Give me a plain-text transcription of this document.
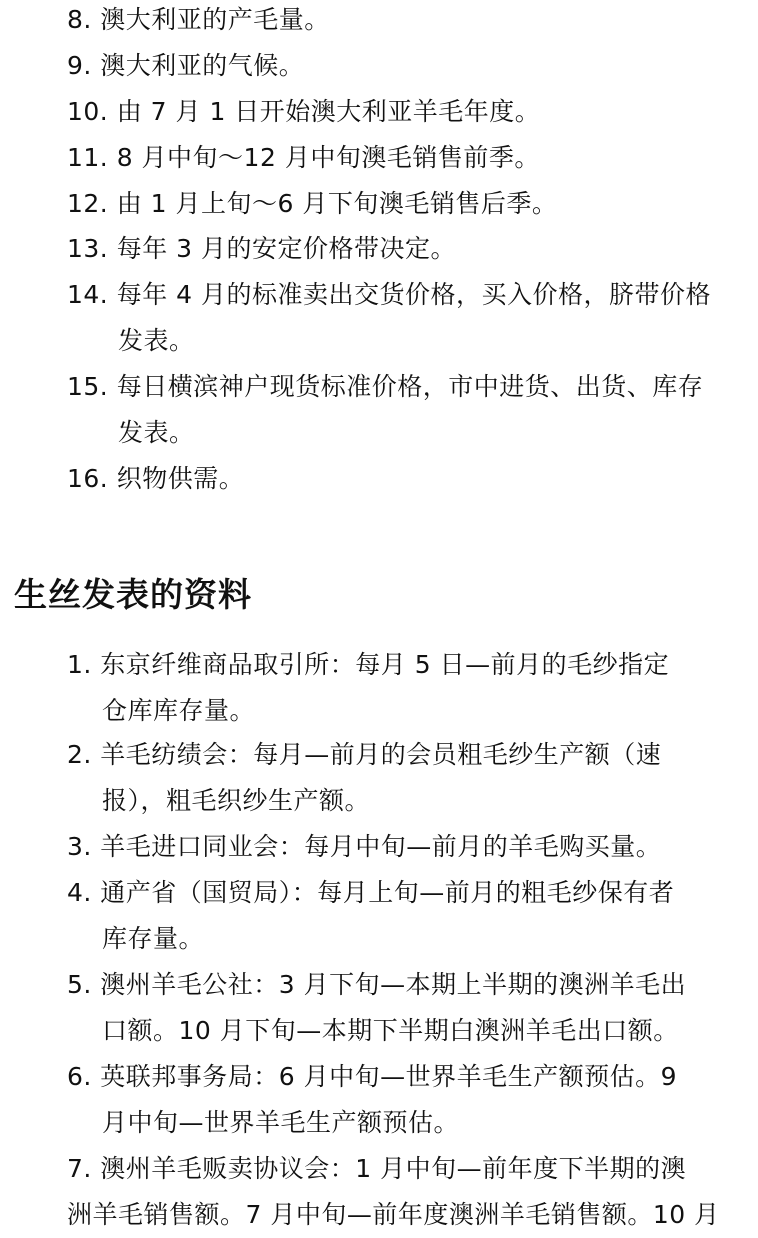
8. 澳大利亚的产毛量。
9. 澳大利亚的气候。
10. 由 7 月 1 日开始澳大利亚羊毛年度。
11. 8 月中旬～12 月中旬澳毛销售前季。
12. 由 1 月上旬～6 月下旬澳毛销售后季。
13. 每年 3 月的安定价格带决定。
14. 每年 4 月的标准卖出交货价格，买入价格，脐带价格
发表。
15. 每日横滨神户现货标准价格，市中进货、出货、库存
发表。
16. 织物供需。
生丝发表的资料
1. 东京纤维商品取引所：每月 5 日—前月的毛纱指定
仓库库存量。
2. 羊毛纺绩会：每月—前月的会员粗毛纱生产额（速
报），粗毛织纱生产额。
3. 羊毛进口同业会：每月中旬—前月的羊毛购买量。
4. 通产省（国贸局）：每月上旬—前月的粗毛纱保有者
库存量。
5. 澳州羊毛公社：3 月下旬—本期上半期的澳洲羊毛出
口额。10 月下旬—本期下半期白澳洲羊毛出口额。
6. 英联邦事务局：6 月中旬—世界羊毛生产额预估。9
月中旬—世界羊毛生产额预估。
7. 澳州羊毛贩卖协议会：1 月中旬—前年度下半期的澳
洲羊毛销售额。7 月中旬—前年度澳洲羊毛销售额。10 月
